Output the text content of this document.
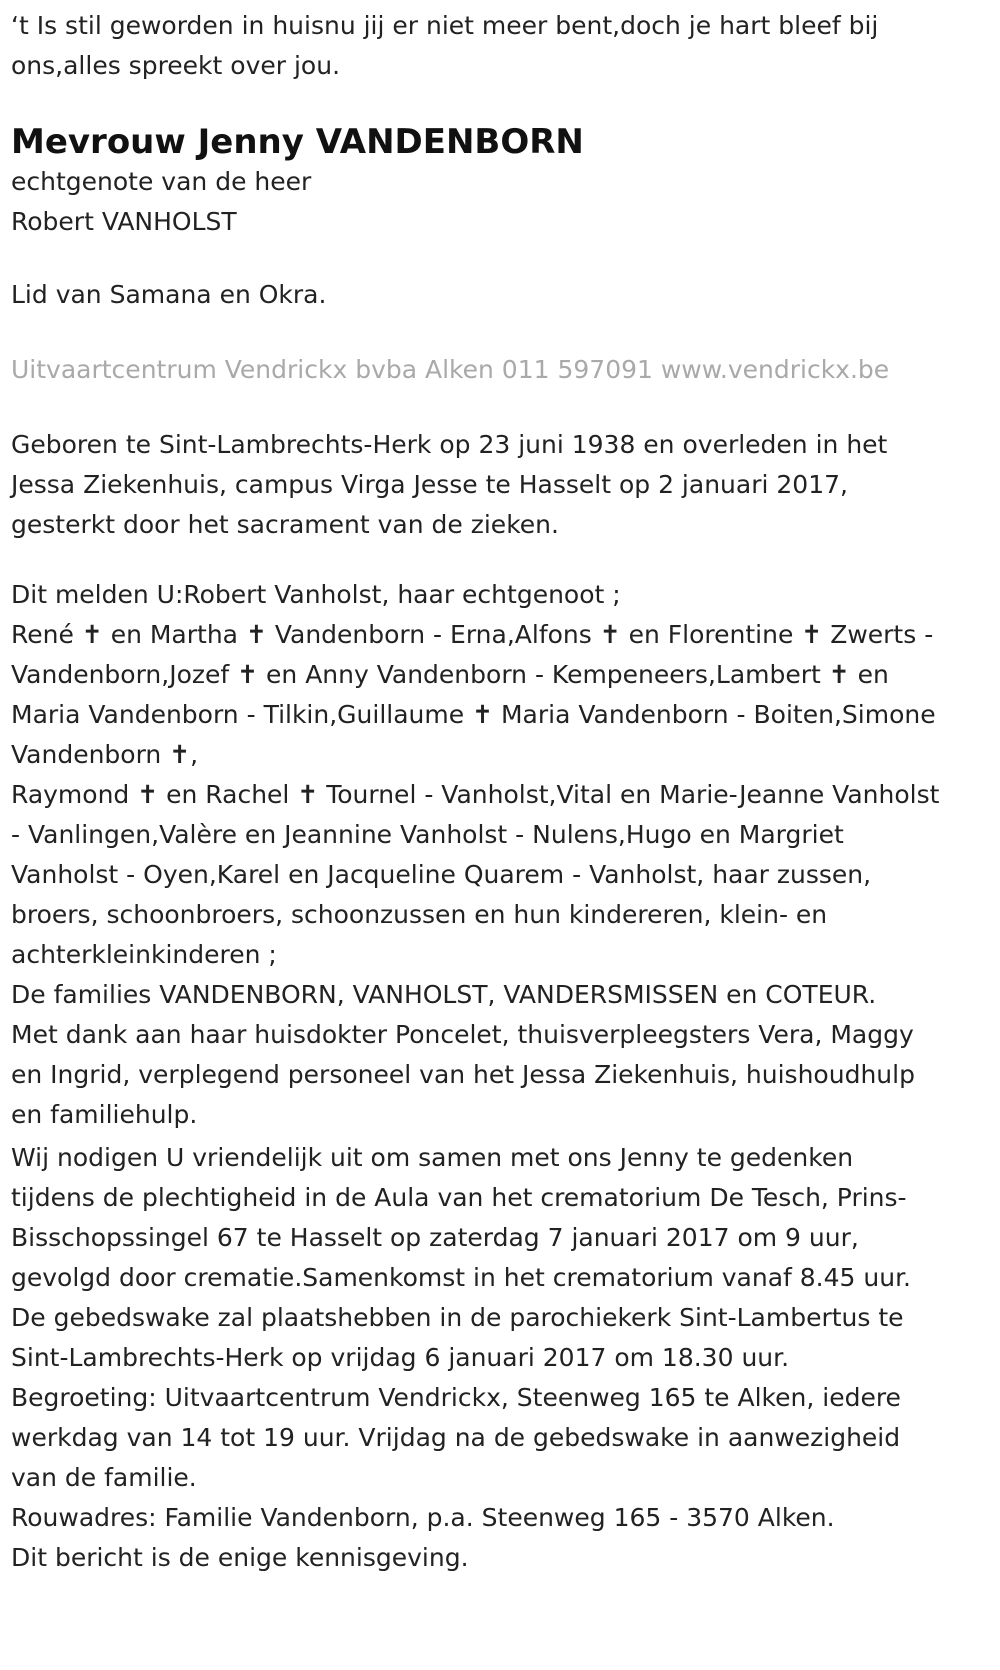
‘t Is stil geworden in huisnu jij er niet meer bent,doch je hart bleef bij
ons,alles spreekt over jou.
Mevrouw Jenny VANDENBORN
echtgenote van de heer
Robert VANHOLST
Lid van Samana en Okra.
Uitvaartcentrum Vendrickx bvba Alken 011 597091 www.vendrickx.be
Geboren te Sint-Lambrechts-Herk op 23 juni 1938 en overleden in het
Jessa Ziekenhuis, campus Virga Jesse te Hasselt op 2 januari 2017,
gesterkt door het sacrament van de zieken.
Dit melden U:Robert Vanholst, haar echtgenoot ;
René ✝ en Martha ✝ Vandenborn - Erna,Alfons ✝ en Florentine ✝ Zwerts -
Vandenborn,Jozef ✝ en Anny Vandenborn - Kempeneers,Lambert ✝ en
Maria Vandenborn - Tilkin,Guillaume ✝ Maria Vandenborn - Boiten,Simone
Vandenborn ✝,
Raymond ✝ en Rachel ✝ Tournel - Vanholst,Vital en Marie-Jeanne Vanholst
- Vanlingen,Valère en Jeannine Vanholst - Nulens,Hugo en Margriet
Vanholst - Oyen,Karel en Jacqueline Quarem - Vanholst, haar zussen,
broers, schoonbroers, schoonzussen en hun kindereren, klein- en
achterkleinkinderen ;
De families VANDENBORN, VANHOLST, VANDERSMISSEN en COTEUR.
Met dank aan haar huisdokter Poncelet, thuisverpleegsters Vera, Maggy
en Ingrid, verplegend personeel van het Jessa Ziekenhuis, huishoudhulp
en familiehulp.
Wij nodigen U vriendelijk uit om samen met ons Jenny te gedenken
tijdens de plechtigheid in de Aula van het crematorium De Tesch, Prins-
Bisschopssingel 67 te Hasselt op zaterdag 7 januari 2017 om 9 uur,
gevolgd door crematie.Samenkomst in het crematorium vanaf 8.45 uur.
De gebedswake zal plaatshebben in de parochiekerk Sint-Lambertus te
Sint-Lambrechts-Herk op vrijdag 6 januari 2017 om 18.30 uur.
Begroeting: Uitvaartcentrum Vendrickx, Steenweg 165 te Alken, iedere
werkdag van 14 tot 19 uur. Vrijdag na de gebedswake in aanwezigheid
van de familie.
Rouwadres: Familie Vandenborn, p.a. Steenweg 165 - 3570 Alken.
Dit bericht is de enige kennisgeving.
